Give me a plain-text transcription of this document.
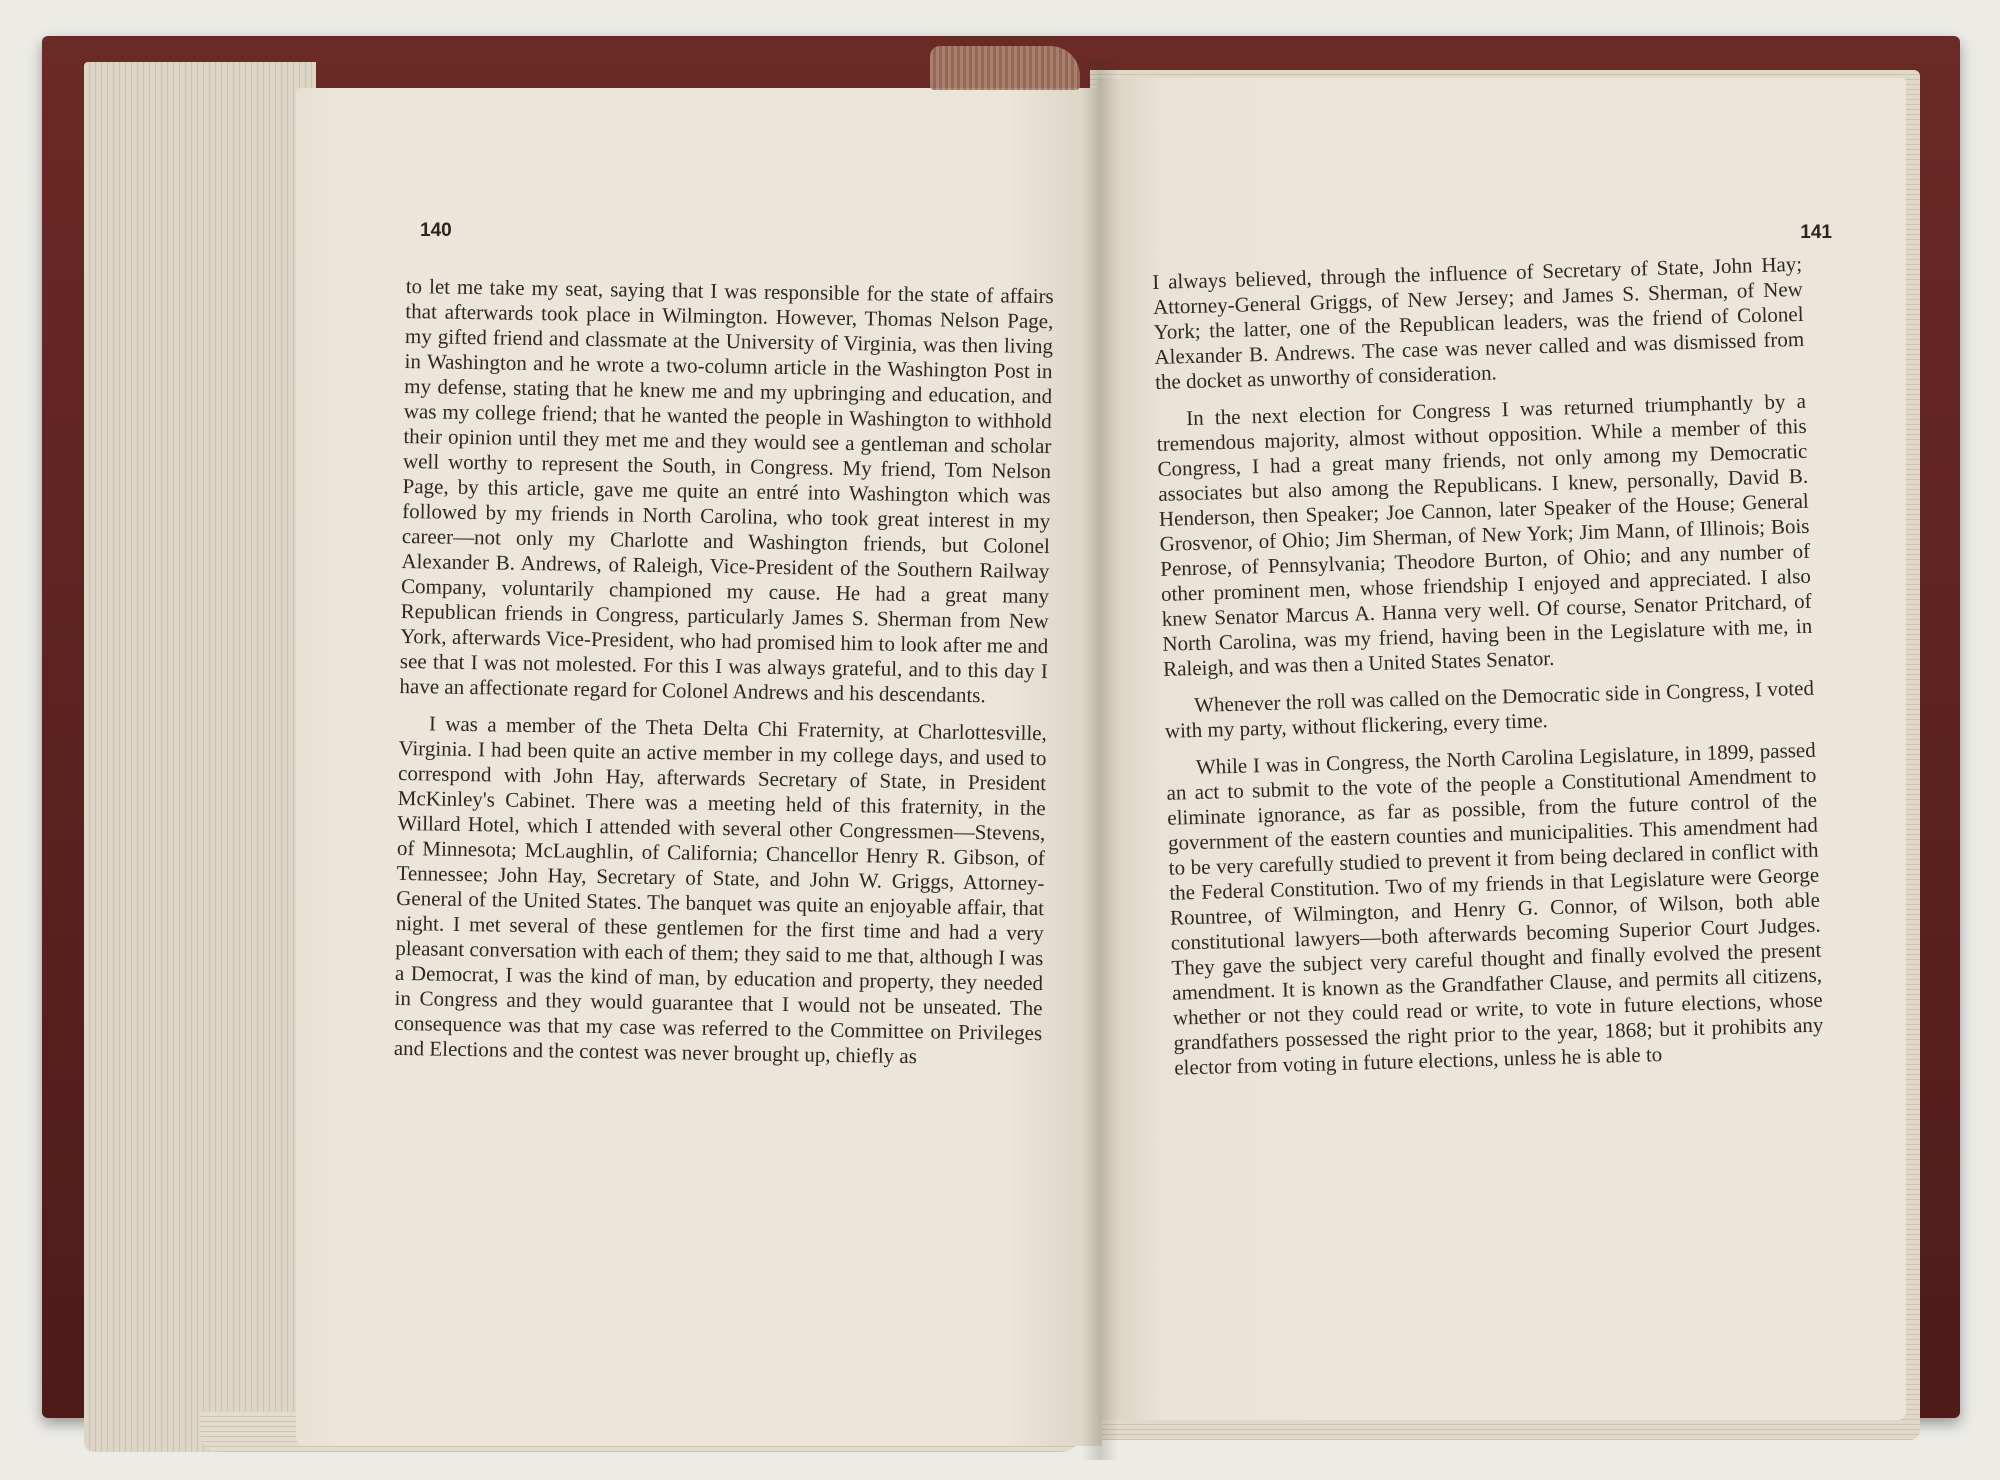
140

to let me take my seat, saying that I was responsible for the state of affairs that afterwards took place in Wilmington. However, Thomas Nelson Page, my gifted friend and classmate at the University of Virginia, was then living in Washington and he wrote a two-column article in the Washington Post in my defense, stating that he knew me and my upbringing and education, and was my college friend; that he wanted the people in Washington to withhold their opinion until they met me and they would see a gentleman and scholar well worthy to represent the South, in Congress. My friend, Tom Nelson Page, by this article, gave me quite an entré into Washington which was followed by my friends in North Carolina, who took great interest in my career—not only my Charlotte and Washington friends, but Colonel Alexander B. Andrews, of Raleigh, Vice-President of the Southern Railway Company, voluntarily championed my cause. He had a great many Republican friends in Congress, particularly James S. Sherman from New York, afterwards Vice-President, who had promised him to look after me and see that I was not molested. For this I was always grateful, and to this day I have an affectionate regard for Colonel Andrews and his descendants.

I was a member of the Theta Delta Chi Fraternity, at Charlottesville, Virginia. I had been quite an active member in my college days, and used to correspond with John Hay, afterwards Secretary of State, in President McKinley's Cabinet. There was a meeting held of this fraternity, in the Willard Hotel, which I attended with several other Congressmen—Stevens, of Minnesota; McLaughlin, of California; Chancellor Henry R. Gibson, of Tennessee; John Hay, Secretary of State, and John W. Griggs, Attorney-General of the United States. The banquet was quite an enjoyable affair, that night. I met several of these gentlemen for the first time and had a very pleasant conversation with each of them; they said to me that, although I was a Democrat, I was the kind of man, by education and property, they needed in Congress and they would guarantee that I would not be unseated. The consequence was that my case was referred to the Committee on Privileges and Elections and the contest was never brought up, chiefly as

141

I always believed, through the influence of Secretary of State, John Hay; Attorney-General Griggs, of New Jersey; and James S. Sherman, of New York; the latter, one of the Republican leaders, was the friend of Colonel Alexander B. Andrews. The case was never called and was dismissed from the docket as unworthy of consideration.

In the next election for Congress I was returned triumphantly by a tremendous majority, almost without opposition. While a member of this Congress, I had a great many friends, not only among my Democratic associates but also among the Republicans. I knew, personally, David B. Henderson, then Speaker; Joe Cannon, later Speaker of the House; General Grosvenor, of Ohio; Jim Sherman, of New York; Jim Mann, of Illinois; Bois Penrose, of Pennsylvania; Theodore Burton, of Ohio; and any number of other prominent men, whose friendship I enjoyed and appreciated. I also knew Senator Marcus A. Hanna very well. Of course, Senator Pritchard, of North Carolina, was my friend, having been in the Legislature with me, in Raleigh, and was then a United States Senator.

Whenever the roll was called on the Democratic side in Congress, I voted with my party, without flickering, every time.

While I was in Congress, the North Carolina Legislature, in 1899, passed an act to submit to the vote of the people a Constitutional Amendment to eliminate ignorance, as far as possible, from the future control of the government of the eastern counties and municipalities. This amendment had to be very carefully studied to prevent it from being declared in conflict with the Federal Constitution. Two of my friends in that Legislature were George Rountree, of Wilmington, and Henry G. Connor, of Wilson, both able constitutional lawyers—both afterwards becoming Superior Court Judges. They gave the subject very careful thought and finally evolved the present amendment. It is known as the Grandfather Clause, and permits all citizens, whether or not they could read or write, to vote in future elections, whose grandfathers possessed the right prior to the year, 1868; but it prohibits any elector from voting in future elections, unless he is able to
